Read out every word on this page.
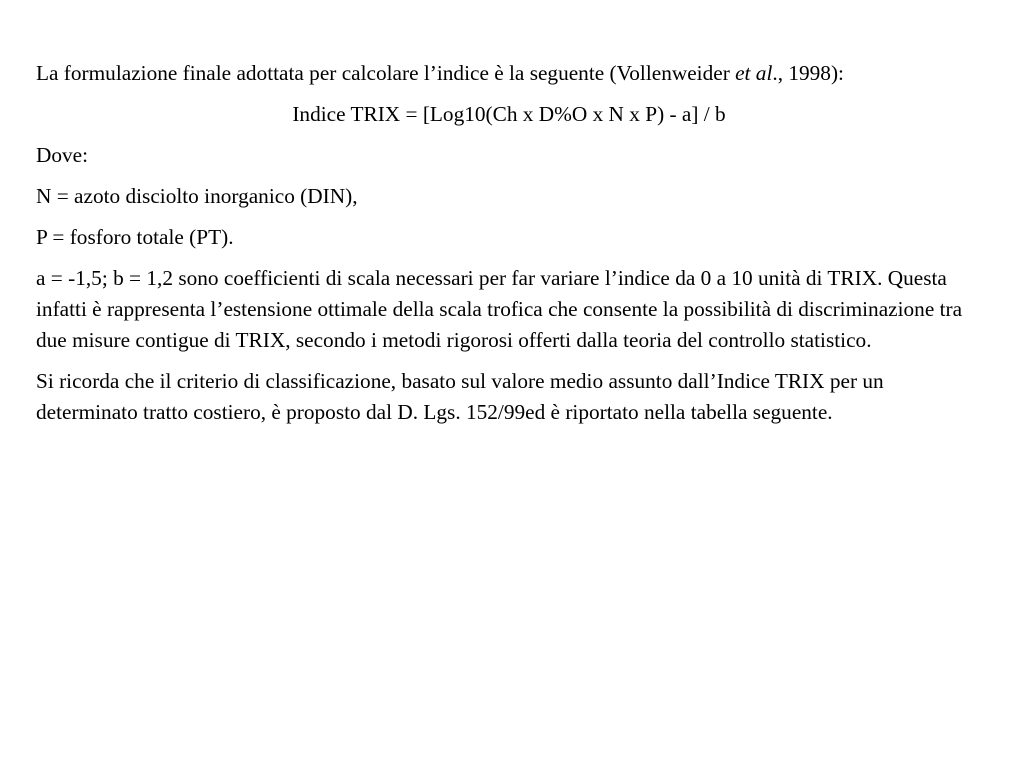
La formulazione finale adottata per calcolare l’indice è la seguente (Vollenweider et al., 1998):

Indice TRIX = [Log10(Ch x D%O x N x P) - a] / b

Dove:

N = azoto disciolto inorganico (DIN),

P = fosforo totale (PT).

a = -1,5; b = 1,2 sono coefficienti di scala necessari per far variare l’indice da 0 a 10 unità di TRIX. Questa infatti è rappresenta l’estensione ottimale della scala trofica che consente la possibilità di discriminazione tra due misure contigue di TRIX, secondo i metodi rigorosi offerti dalla teoria del controllo statistico.

Si ricorda che il criterio di classificazione, basato sul valore medio assunto dall’Indice TRIX per un determinato tratto costiero, è proposto dal D. Lgs. 152/99ed è riportato nella tabella seguente.
